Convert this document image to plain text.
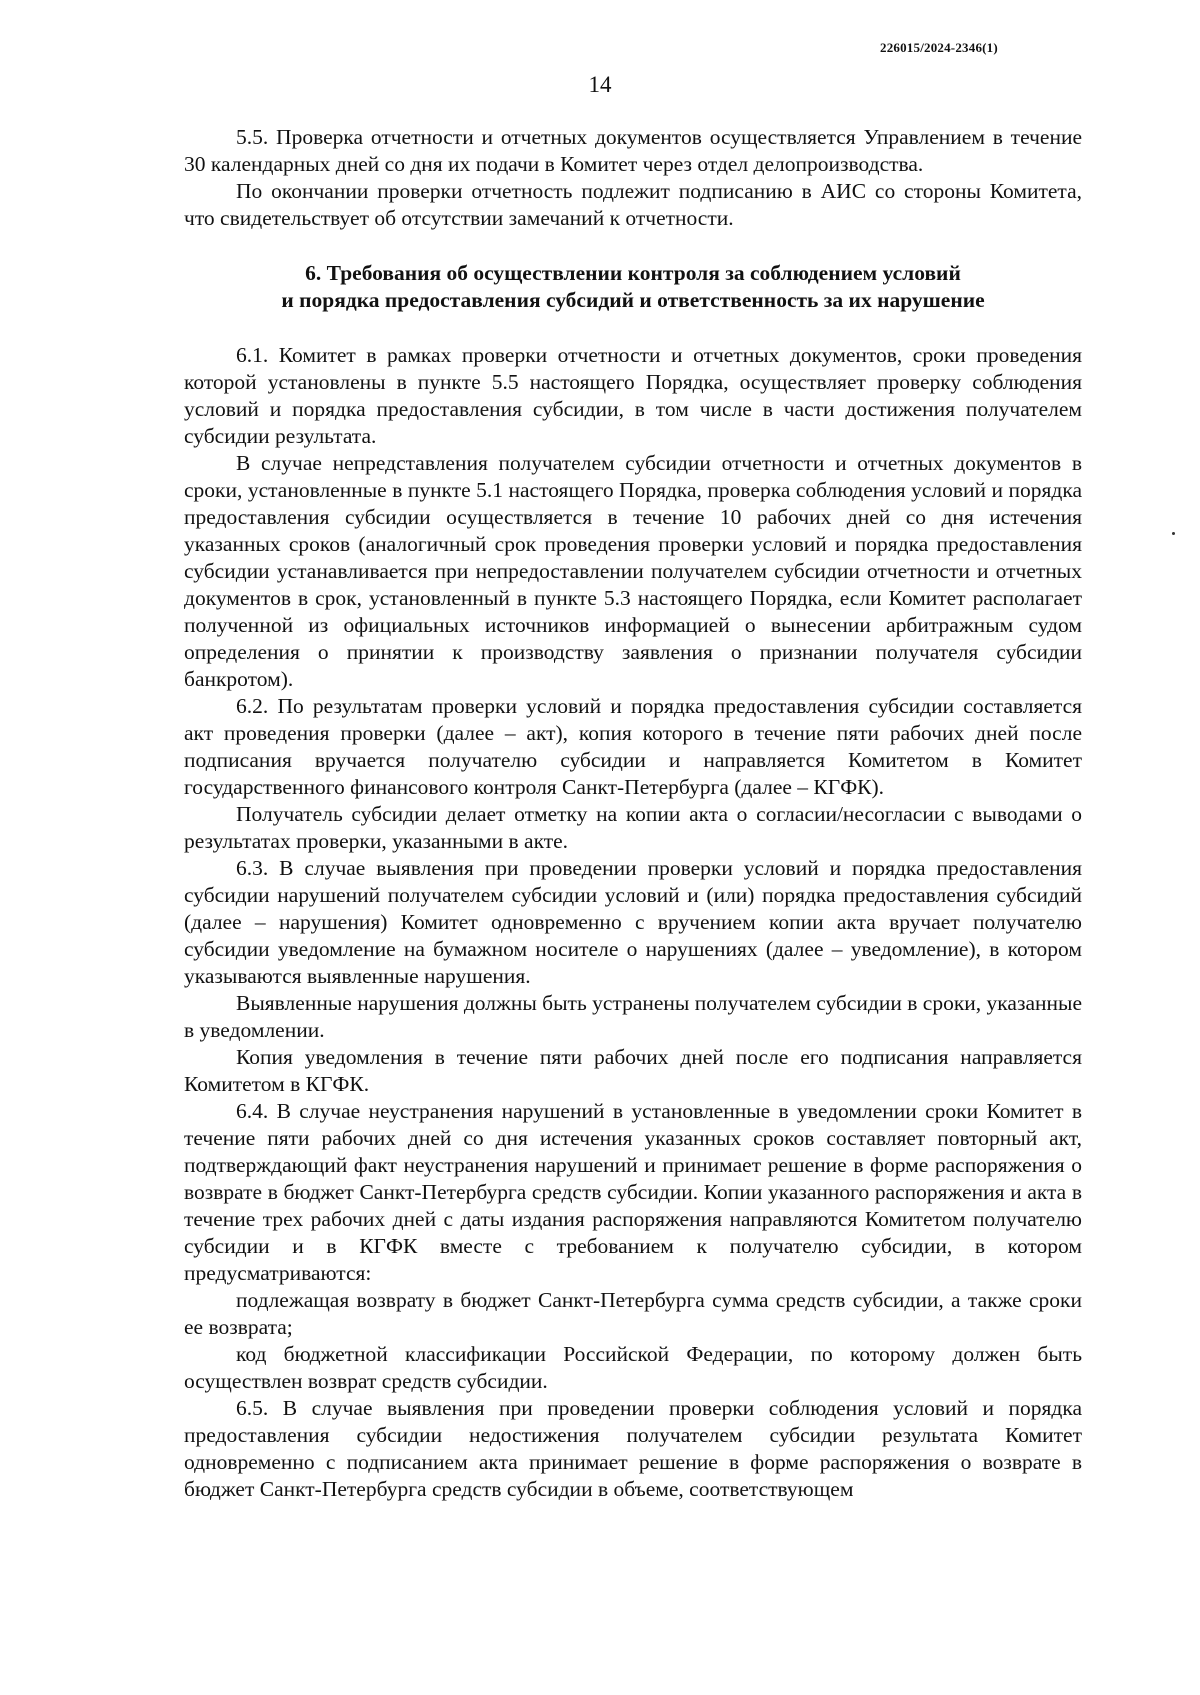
226015/2024-2346(1)
14

5.5. Проверка отчетности и отчетных документов осуществляется Управлением в течение 30 календарных дней со дня их подачи в Комитет через отдел делопроизводства.

По окончании проверки отчетность подлежит подписанию в АИС со стороны Комитета, что свидетельствует об отсутствии замечаний к отчетности.

6. Требования об осуществлении контроля за соблюдением условий
и порядка предоставления субсидий и ответственность за их нарушение

6.1. Комитет в рамках проверки отчетности и отчетных документов, сроки проведения которой установлены в пункте 5.5 настоящего Порядка, осуществляет проверку соблюдения условий и порядка предоставления субсидии, в том числе в части достижения получателем субсидии результата.

В случае непредставления получателем субсидии отчетности и отчетных документов в сроки, установленные в пункте 5.1 настоящего Порядка, проверка соблюдения условий и порядка предоставления субсидии осуществляется в течение 10 рабочих дней со дня истечения указанных сроков (аналогичный срок проведения проверки условий и порядка предоставления субсидии устанавливается при непредоставлении получателем субсидии отчетности и отчетных документов в срок, установленный в пункте 5.3 настоящего Порядка, если Комитет располагает полученной из официальных источников информацией о вынесении арбитражным судом определения о принятии к производству заявления о признании получателя субсидии банкротом).

6.2. По результатам проверки условий и порядка предоставления субсидии составляется акт проведения проверки (далее – акт), копия которого в течение пяти рабочих дней после подписания вручается получателю субсидии и направляется Комитетом в Комитет государственного финансового контроля Санкт-Петербурга (далее – КГФК).

Получатель субсидии делает отметку на копии акта о согласии/несогласии с выводами о результатах проверки, указанными в акте.

6.3. В случае выявления при проведении проверки условий и порядка предоставления субсидии нарушений получателем субсидии условий и (или) порядка предоставления субсидий (далее – нарушения) Комитет одновременно с вручением копии акта вручает получателю субсидии уведомление на бумажном носителе о нарушениях (далее – уведомление), в котором указываются выявленные нарушения.

Выявленные нарушения должны быть устранены получателем субсидии в сроки, указанные в уведомлении.

Копия уведомления в течение пяти рабочих дней после его подписания направляется Комитетом в КГФК.

6.4. В случае неустранения нарушений в установленные в уведомлении сроки Комитет в течение пяти рабочих дней со дня истечения указанных сроков составляет повторный акт, подтверждающий факт неустранения нарушений и принимает решение в форме распоряжения о возврате в бюджет Санкт-Петербурга средств субсидии. Копии указанного распоряжения и акта в течение трех рабочих дней с даты издания распоряжения направляются Комитетом получателю субсидии и в КГФК вместе с требованием к получателю субсидии, в котором предусматриваются:

подлежащая возврату в бюджет Санкт-Петербурга сумма средств субсидии, а также сроки ее возврата;

код бюджетной классификации Российской Федерации, по которому должен быть осуществлен возврат средств субсидии.

6.5. В случае выявления при проведении проверки соблюдения условий и порядка предоставления субсидии недостижения получателем субсидии результата Комитет одновременно с подписанием акта принимает решение в форме распоряжения о возврате в бюджет Санкт-Петербурга средств субсидии в объеме, соответствующем
